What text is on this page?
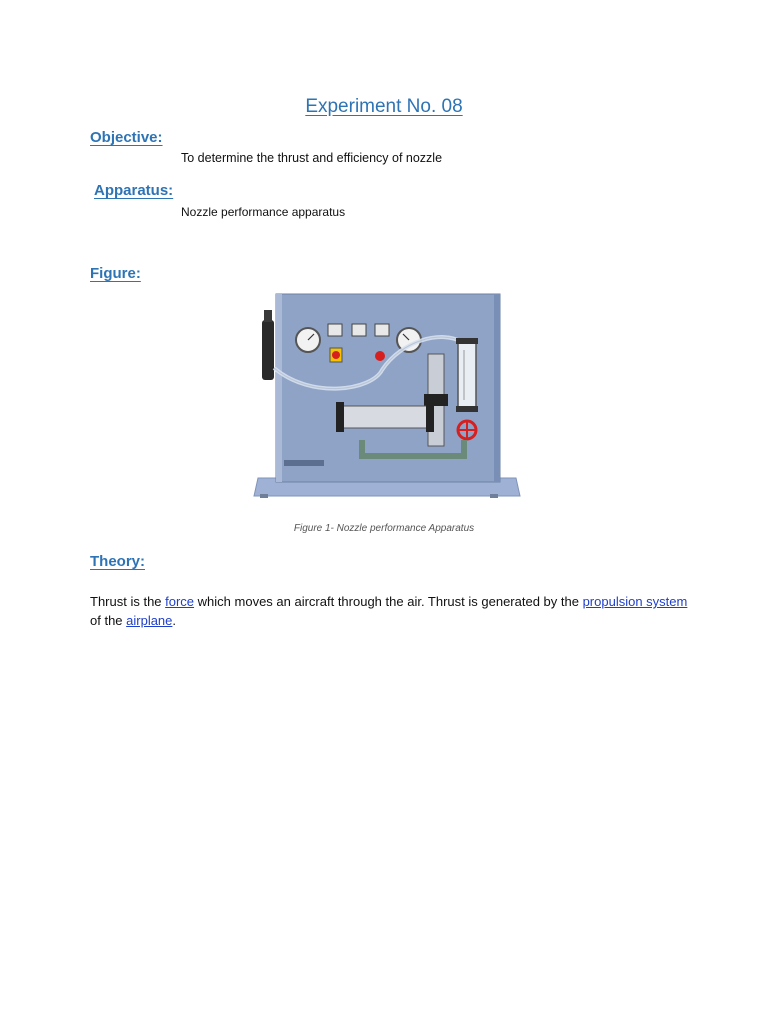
Experiment No. 08
Objective:
To determine the thrust and efficiency of nozzle
Apparatus:
Nozzle performance apparatus
Figure:
Figure 1- Nozzle performance Apparatus
Theory:
Thrust is the force which moves an aircraft through the air. Thrust is generated by the propulsion system of the airplane.
